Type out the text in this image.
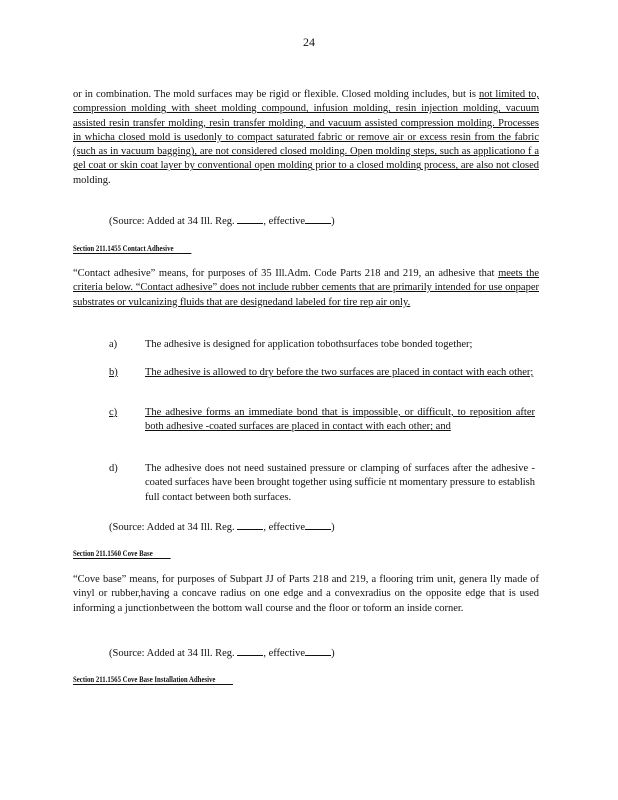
24

or in combination. The mold surfaces may be rigid or flexible. Closed molding includes, but is not limited to, compression molding with sheet molding compound, infusion molding, resin injection molding, vacuum assisted resin transfer molding, resin transfer molding, and vacuum assisted compression molding. Processes in whicha closed mold is usedonly to compact saturated fabric or remove air or excess resin from the fabric (such as in vacuum bagging), are not considered closed molding. Open molding steps, such as applicationo f a gel coat or skin coat layer by conventional open molding prior to a closed molding process, are also not closed molding.

(Source: Added at 34 Ill. Reg.	, effective )
Section 211.1455 Contact Adhesive

“Contact adhesive” means, for purposes of 35 Ill.Adm. Code Parts 218 and 219, an adhesive that meets the criteria below. “Contact adhesive” does not include rubber cements that are primarily intended for use onpaper substrates or vulcanizing fluids that are designedand labeled for tire rep air only.

a)	The adhesive is designed for application tobothsurfaces tobe bonded together;
b)	The adhesive is allowed to dry before the two surfaces are placed in contact with each other;
c)	The adhesive forms an immediate bond that is impossible, or difficult, to reposition after both adhesive -coated surfaces are placed in contact with each other; and
d)	The adhesive does not need sustained pressure or clamping of surfaces after the adhesive -coated surfaces have been brought together using sufficie nt momentary pressure to establish full contact between both surfaces.
(Source: Added at 34 Ill. Reg.	, effective )
Section 211.1560 Cove Base

“Cove base” means, for purposes of Subpart JJ of Parts 218 and 219, a flooring trim unit, genera lly made of vinyl or rubber,having a concave radius on one edge and a convexradius on the opposite edge that is used informing a junctionbetween the bottom wall course and the floor or toform an inside corner.

(Source: Added at 34 Ill. Reg.	, effective )
Section 211.1565 Cove Base Installation Adhesive
